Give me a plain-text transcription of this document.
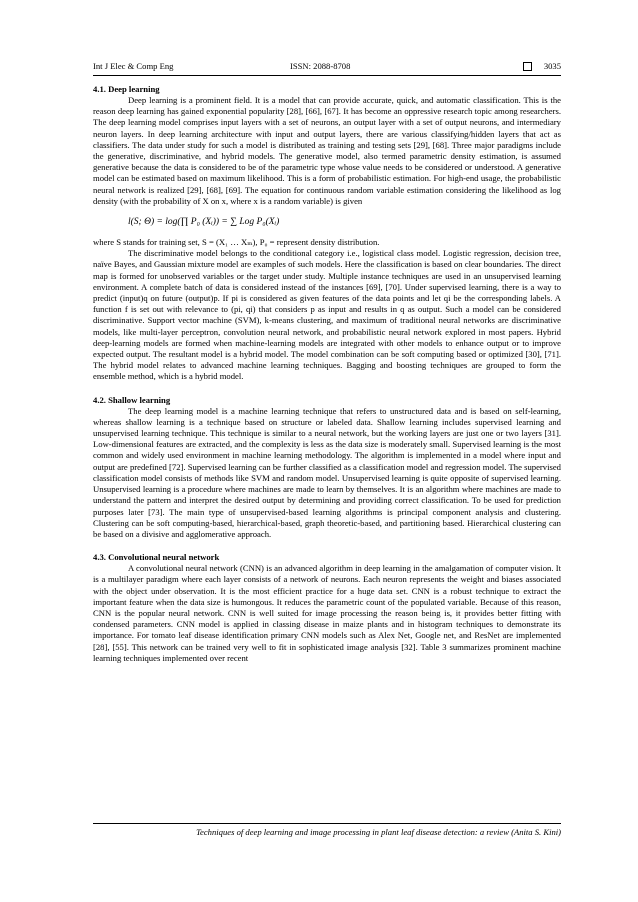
Int J Elec & Comp Eng	ISSN: 2088-8708	3035
4.1. Deep learning

Deep learning is a prominent field. It is a model that can provide accurate, quick, and automatic classification. This is the reason deep learning has gained exponential popularity [28], [66], [67]. It has become an oppressive research topic among researchers. The deep learning model comprises input layers with a set of neurons, an output layer with a set of output neurons, and intermediary neuron layers. In deep learning architecture with input and output layers, there are various classifying/hidden layers that act as classifiers. The data under study for such a model is distributed as training and testing sets [29], [68]. Three major paradigms include the generative, discriminative, and hybrid models. The generative model, also termed parametric density estimation, is assumed generative because the data is considered to be of the parametric type whose value needs to be considered or understood. A generative model can be estimated based on maximum likelihood. This is a form of probabilistic estimation. For high-end usage, the probabilistic neural network is realized [29], [68], [69]. The equation for continuous random variable estimation considering the likelihood as log density (with the probability of X on x, where x is a random variable) is given

l(S; Θ) = log(∏ P₀ (Xᵢ)) = ∑ Log P₀(Xᵢ)

where S stands for training set, S = (X₁ … Xₘ), P₀ = represent density distribution.

The discriminative model belongs to the conditional category i.e., logistical class model. Logistic regression, decision tree, naïve Bayes, and Gaussian mixture model are examples of such models. Here the classification is based on clear boundaries. The direct map is formed for unobserved variables or the target under study. Multiple instance techniques are used in an unsupervised learning environment. A complete batch of data is considered instead of the instances [69], [70]. Under supervised learning, there is a way to predict (input)q on future (output)p. If pi is considered as given features of the data points and let qi be the corresponding labels. A function f is set out with relevance to (pi, qi) that considers p as input and results in q as output. Such a model can be considered discriminative. Support vector machine (SVM), k-means clustering, and maximum of traditional neural networks are discriminative models, like multi-layer perceptron, convolution neural network, and probabilistic neural network explored in most papers. Hybrid deep-learning models are formed when machine-learning models are integrated with other models to enhance output or to improve expected output. The resultant model is a hybrid model. The model combination can be soft computing based or optimized [30], [71]. The hybrid model relates to advanced machine learning techniques. Bagging and boosting techniques are grouped to form the ensemble method, which is a hybrid model.

4.2. Shallow learning

The deep learning model is a machine learning technique that refers to unstructured data and is based on self-learning, whereas shallow learning is a technique based on structure or labeled data. Shallow learning includes supervised learning and unsupervised learning technique. This technique is similar to a neural network, but the working layers are just one or two layers [31]. Low-dimensional features are extracted, and the complexity is less as the data size is moderately small. Supervised learning is the most common and widely used environment in machine learning methodology. The algorithm is implemented in a model where input and output are predefined [72]. Supervised learning can be further classified as a classification model and regression model. The supervised classification model consists of methods like SVM and random model. Unsupervised learning is quite opposite of supervised learning. Unsupervised learning is a procedure where machines are made to learn by themselves. It is an algorithm where machines are made to understand the pattern and interpret the desired output by determining and providing correct classification. To be used for prediction purposes later [73]. The main type of unsupervised-based learning algorithms is principal component analysis and clustering. Clustering can be soft computing-based, hierarchical-based, graph theoretic-based, and partitioning based. Hierarchical clustering can be based on a divisive and agglomerative approach.

4.3. Convolutional neural network

A convolutional neural network (CNN) is an advanced algorithm in deep learning in the amalgamation of computer vision. It is a multilayer paradigm where each layer consists of a network of neurons. Each neuron represents the weight and biases associated with the object under observation. It is the most efficient practice for a huge data set. CNN is a robust technique to extract the important feature when the data size is humongous. It reduces the parametric count of the populated variable. Because of this reason, CNN is the popular neural network. CNN is well suited for image processing the reason being is, it provides better fitting with condensed parameters. CNN model is applied in classing disease in maize plants and in histogram techniques to demonstrate its importance. For tomato leaf disease identification primary CNN models such as Alex Net, Google net, and ResNet are implemented [28], [55]. This network can be trained very well to fit in sophisticated image analysis [32]. Table 3 summarizes prominent machine learning techniques implemented over recent

Techniques of deep learning and image processing in plant leaf disease detection: a review (Anita S. Kini)
